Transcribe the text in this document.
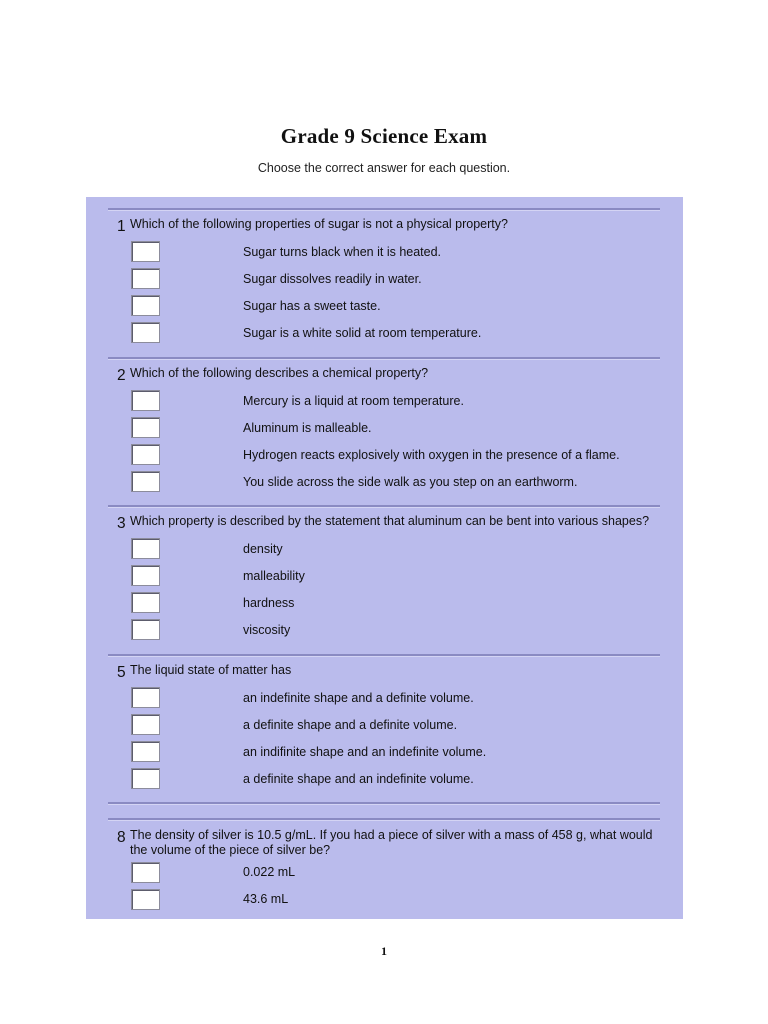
Grade 9 Science Exam

Choose the correct answer for each question.

1 Which of the following properties of sugar is not a physical property?
Sugar turns black when it is heated.
Sugar dissolves readily in water.
Sugar has a sweet taste.
Sugar is a white solid at room temperature.
2 Which of the following describes a chemical property?
Mercury is a liquid at room temperature.
Aluminum is malleable.
Hydrogen reacts explosively with oxygen in the presence of a flame.
You slide across the side walk as you step on an earthworm.
3 Which property is described by the statement that aluminum can be bent into various shapes?
density
malleability
hardness
viscosity
5 The liquid state of matter has
an indefinite shape and a definite volume.
a definite shape and a definite volume.
an indifinite shape and an indefinite volume.
a definite shape and an indefinite volume.
8 The density of silver is 10.5 g/mL. If you had a piece of silver with a mass of 458 g, what would the volume of the piece of silver be?
0.022 mL
43.6 mL
1
